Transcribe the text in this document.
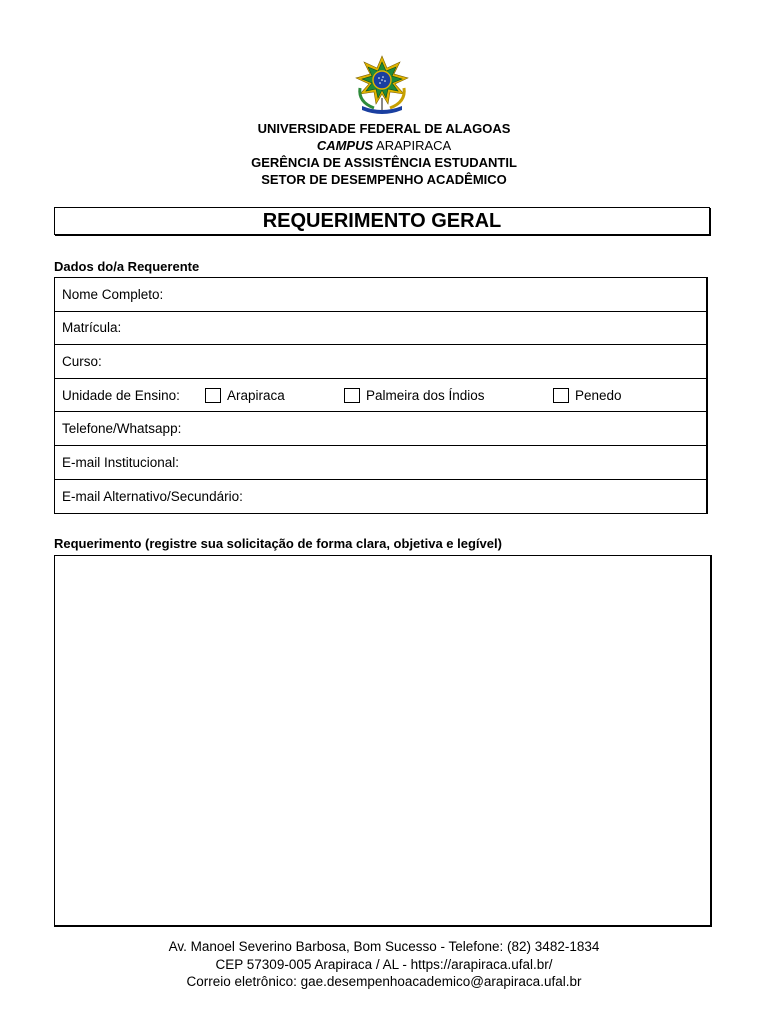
UNIVERSIDADE FEDERAL DE ALAGOAS
CAMPUS ARAPIRACA
GERÊNCIA DE ASSISTÊNCIA ESTUDANTIL
SETOR DE DESEMPENHO ACADÊMICO
REQUERIMENTO GERAL
Dados do/a Requerente
Nome Completo:
Matrícula:
Curso:
Unidade de Ensino:	Arapiraca	Palmeira dos Índios	Penedo
Telefone/Whatsapp:
E-mail Institucional:
E-mail Alternativo/Secundário:
Requerimento (registre sua solicitação de forma clara, objetiva e legível)
Av. Manoel Severino Barbosa, Bom Sucesso - Telefone: (82) 3482-1834
CEP 57309-005 Arapiraca / AL - https://arapiraca.ufal.br/
Correio eletrônico: gae.desempenhoacademico@arapiraca.ufal.br
